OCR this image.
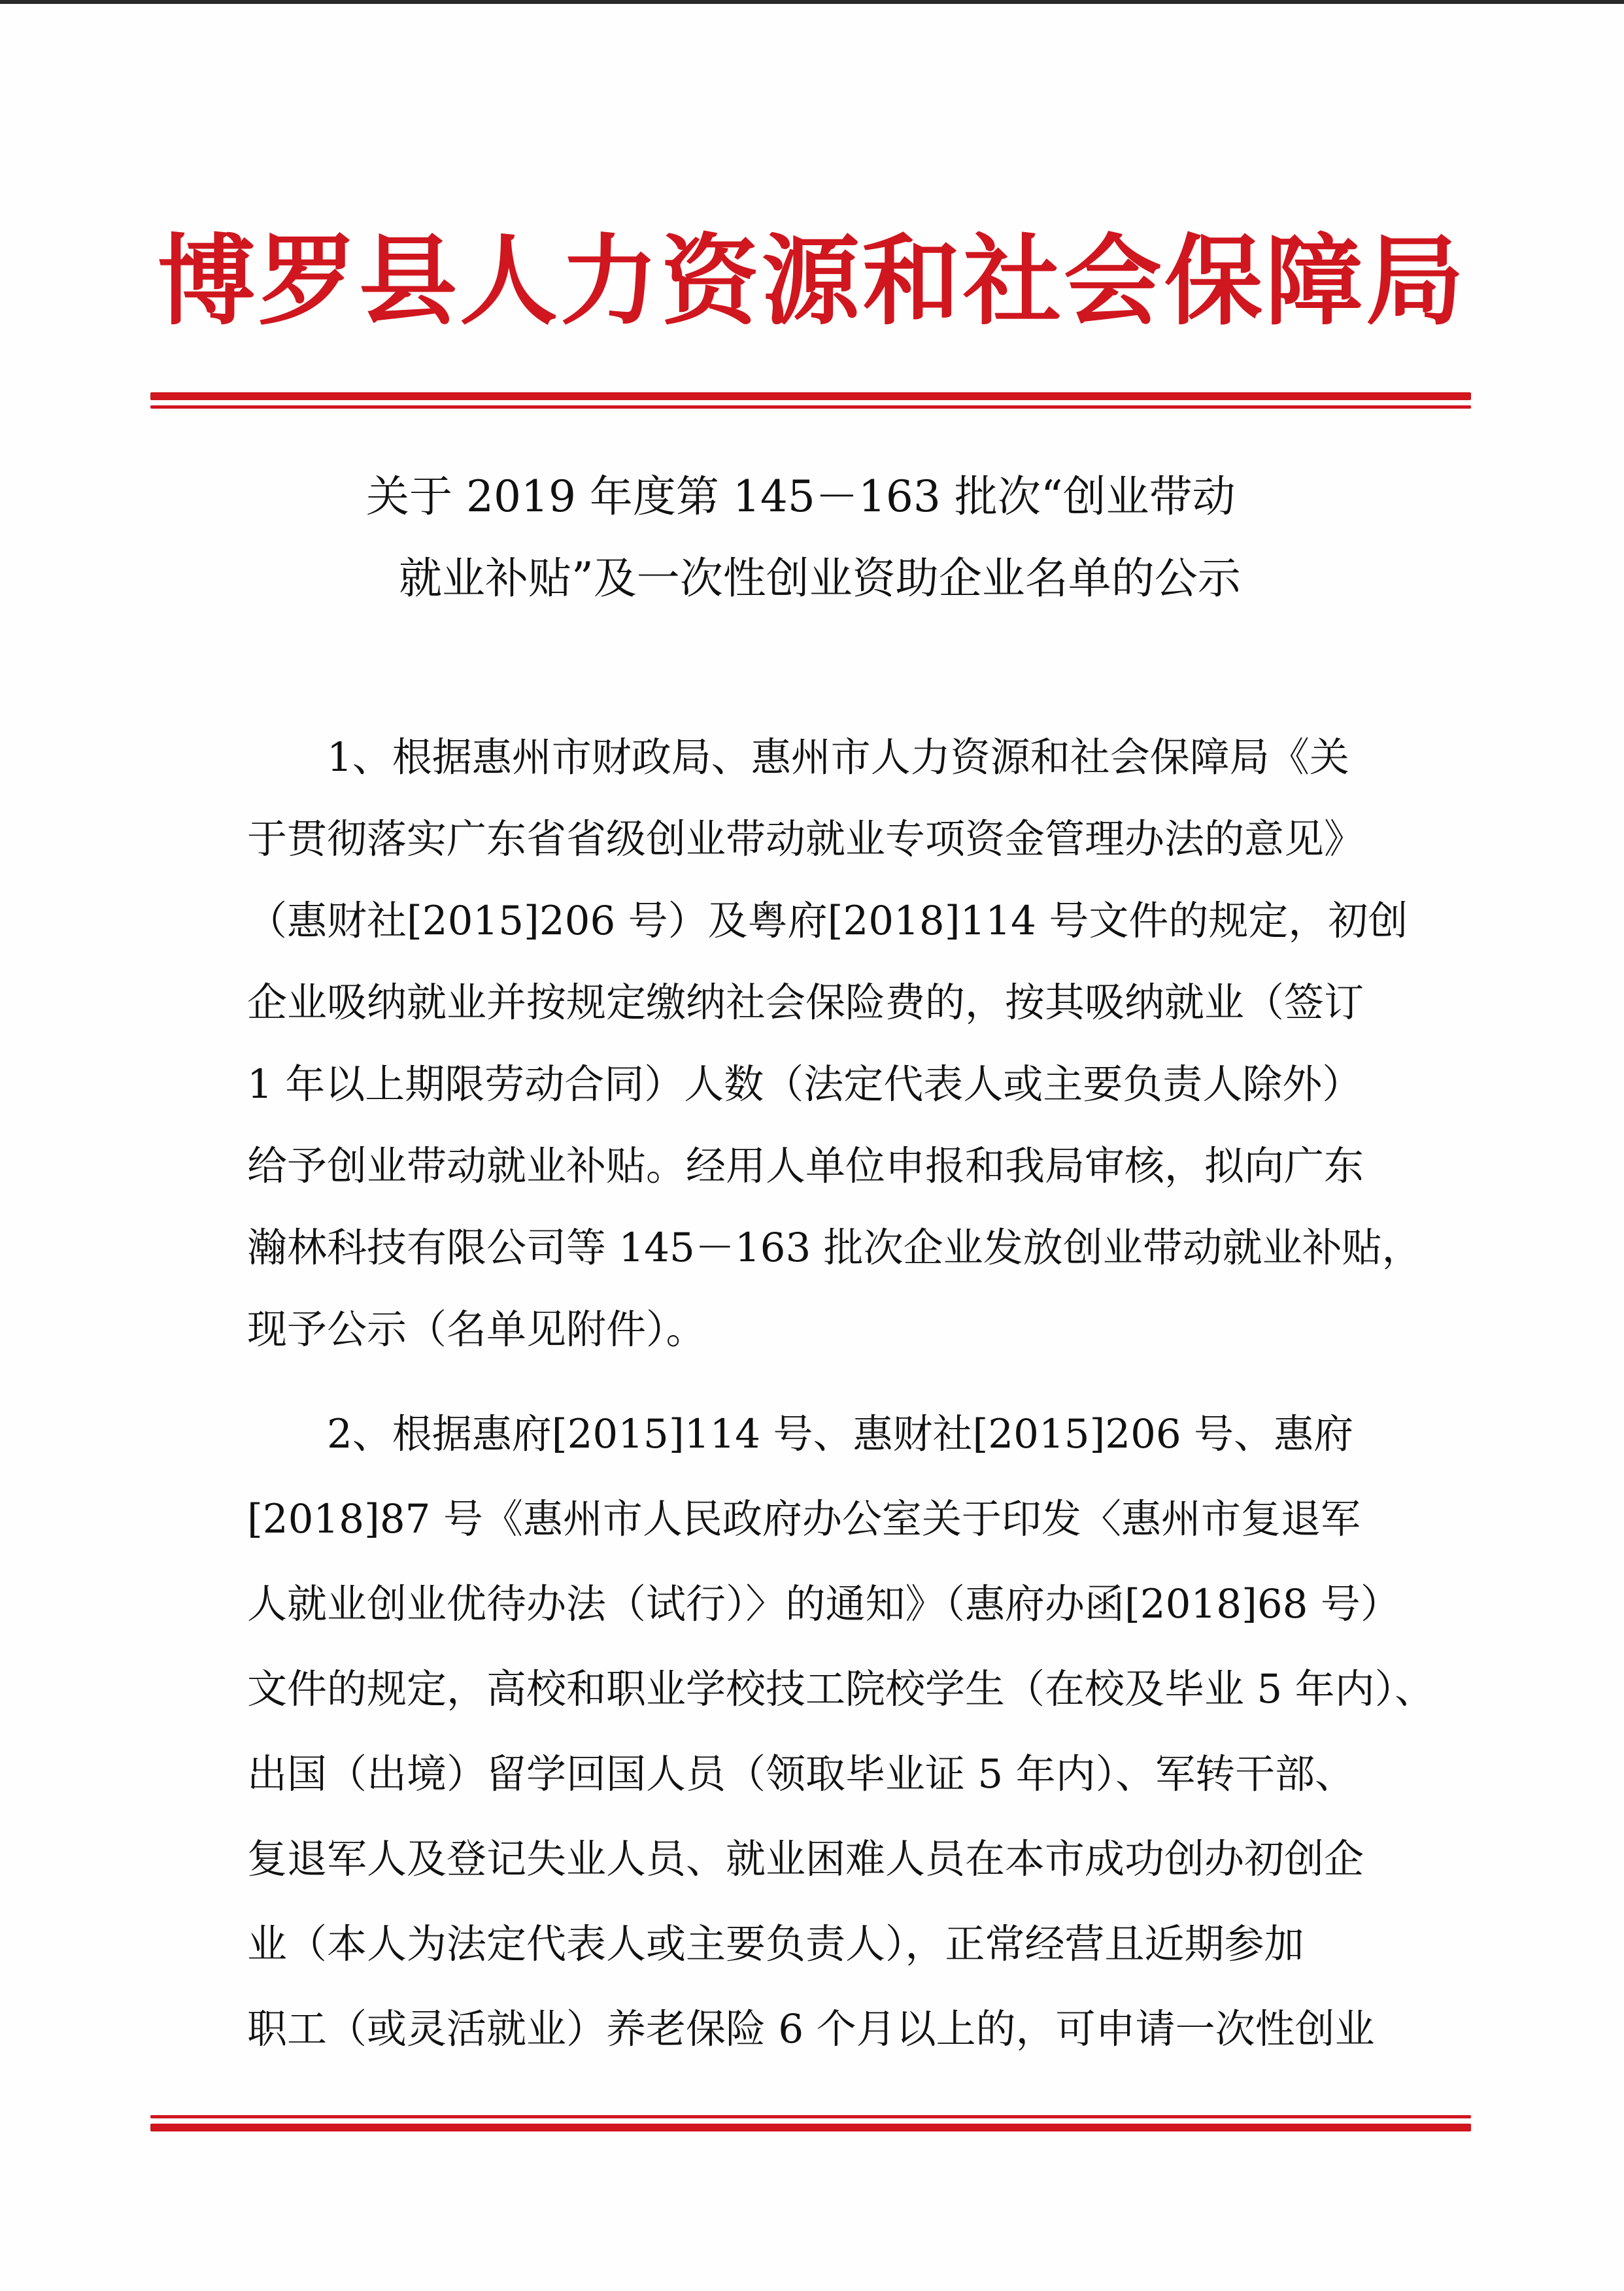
博罗县人力资源和社会保障局
关于 2019 年度第 145－163 批次“创业带动
就业补贴”及一次性创业资助企业名单的公示
1、根据惠州市财政局、惠州市人力资源和社会保障局《关
于贯彻落实广东省省级创业带动就业专项资金管理办法的意见》
（惠财社[2015]206 号）及粤府[2018]114 号文件的规定，初创
企业吸纳就业并按规定缴纳社会保险费的，按其吸纳就业（签订
1 年以上期限劳动合同）人数（法定代表人或主要负责人除外）
给予创业带动就业补贴。经用人单位申报和我局审核，拟向广东
瀚林科技有限公司等 145－163 批次企业发放创业带动就业补贴，
现予公示（名单见附件）。
2、根据惠府[2015]114 号、惠财社[2015]206 号、惠府
[2018]87 号《惠州市人民政府办公室关于印发〈惠州市复退军
人就业创业优待办法（试行）〉的通知》（惠府办函[2018]68 号）
文件的规定，高校和职业学校技工院校学生（在校及毕业 5 年内）、
出国（出境）留学回国人员（领取毕业证 5 年内）、军转干部、
复退军人及登记失业人员、就业困难人员在本市成功创办初创企
业（本人为法定代表人或主要负责人），正常经营且近期参加
职工（或灵活就业）养老保险 6 个月以上的，可申请一次性创业
